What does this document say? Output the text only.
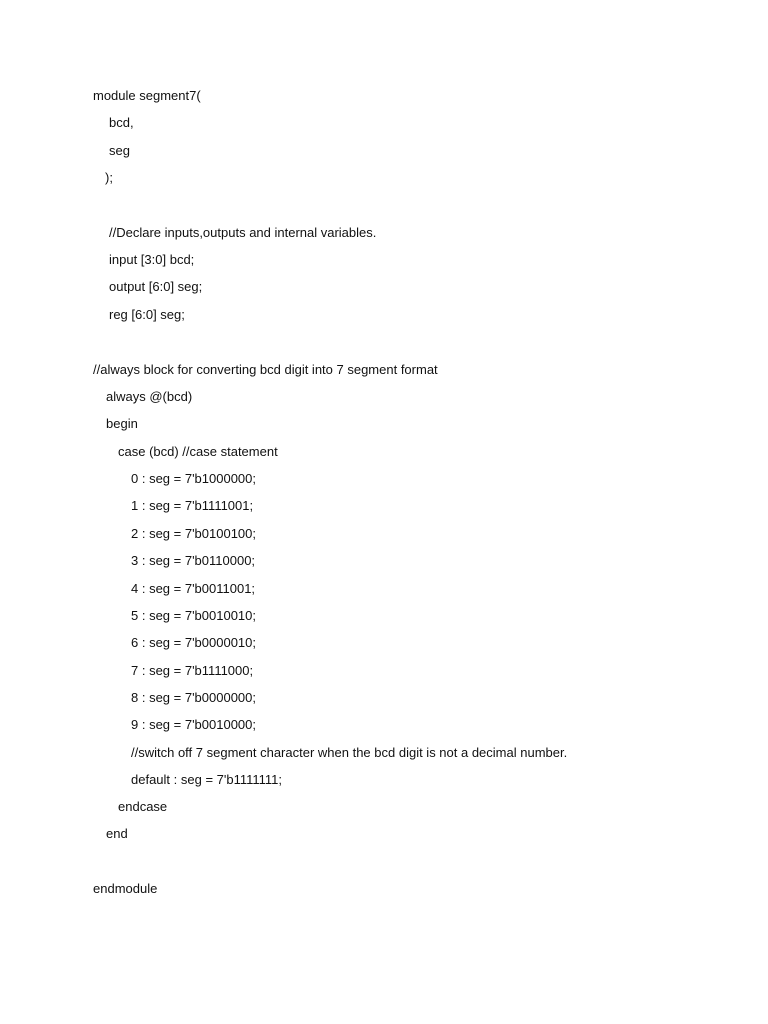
module segment7(
bcd,
seg
);
//Declare inputs,outputs and internal variables.
input [3:0] bcd;
output [6:0] seg;
reg [6:0] seg;
//always block for converting bcd digit into 7 segment format
always @(bcd)
begin
case (bcd) //case statement
0 : seg = 7'b1000000;
1 : seg = 7'b1111001;
2 : seg = 7'b0100100;
3 : seg = 7'b0110000;
4 : seg = 7'b0011001;
5 : seg = 7'b0010010;
6 : seg = 7'b0000010;
7 : seg = 7'b1111000;
8 : seg = 7'b0000000;
9 : seg = 7'b0010000;
//switch off 7 segment character when the bcd digit is not a decimal number.
default : seg = 7'b1111111;
endcase
end
endmodule
